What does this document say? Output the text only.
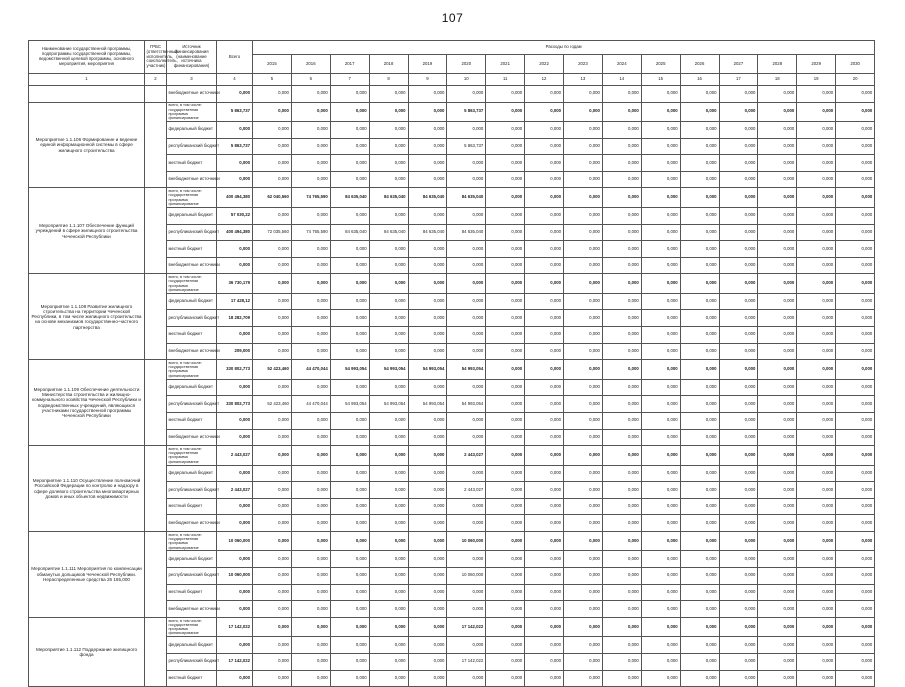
107
Наименование государственной программы, подпрограммы государственной программы, ведомственной целевой программы, основного мероприятия, мероприятия	ГРБС (ответственный исполнитель, соисполнитель, участник)	Источник финансирования (наименование источника финансирования)	Всего	Расходы по годам															
				2015	2016	2017	2018	2019	2020	2021	2022	2023	2024	2025	2026	2027	2028	2029	2030
1	2	3	4	5	6	7	8	9	10	11	12	13	14	15	16	17	18	19	20
		внебюджетные источники	0,000	0,000	0,000	0,000	0,000	0,000	0,000	0,000	0,000	0,000	0,000	0,000	0,000	0,000	0,000	0,000	0,000
Мероприятие 1.1.106 Формирование и ведение единой информационной системы в сфере жилищного строительства		всего, в том числе: государственная программа финансирование	5 863,737	0,000	0,000	0,000	0,000	0,000	5 863,737	0,000	0,000	0,000	0,000	0,000	0,000	0,000	0,000	0,000	0,000
		федеральный бюджет	0,000	0,000	0,000	0,000	0,000	0,000	0,000	0,000	0,000	0,000	0,000	0,000	0,000	0,000	0,000	0,000	0,000
		республиканский бюджет	5 863,737	0,000	0,000	0,000	0,000	0,000	5 863,737	0,000	0,000	0,000	0,000	0,000	0,000	0,000	0,000	0,000	0,000
		местный бюджет	0,000	0,000	0,000	0,000	0,000	0,000	0,000	0,000	0,000	0,000	0,000	0,000	0,000	0,000	0,000	0,000	0,000
		внебюджетные источники	0,000	0,000	0,000	0,000	0,000	0,000	0,000	0,000	0,000	0,000	0,000	0,000	0,000	0,000	0,000	0,000	0,000
Мероприятие 1.1.107 Обеспечение функций учреждений в сфере жилищного строительства Чеченской Республики		всего, в том числе: государственная программа финансирование	400 494,380	62 040,560	74 765,590	84 635,040	84 635,040	84 635,040	84 635,040	0,000	0,000	0,000	0,000	0,000	0,000	0,000	0,000	0,000	0,000
		федеральный бюджет	57 030,22	0,000	0,000	0,000	0,000	0,000	0,000	0,000	0,000	0,000	0,000	0,000	0,000	0,000	0,000	0,000	0,000
		республиканский бюджет	400 494,380	72 035,560	74 765,590	84 635,040	84 635,040	84 635,040	84 635,040	0,000	0,000	0,000	0,000	0,000	0,000	0,000	0,000	0,000	0,000
		местный бюджет	0,000	0,000	0,000	0,000	0,000	0,000	0,000	0,000	0,000	0,000	0,000	0,000	0,000	0,000	0,000	0,000	0,000
		внебюджетные источники	0,000	0,000	0,000	0,000	0,000	0,000	0,000	0,000	0,000	0,000	0,000	0,000	0,000	0,000	0,000	0,000	0,000
Мероприятие 1.1.108 Развитие жилищного строительства на территории Чеченской Республики, в том числе жилищного строительства на основе механизмов государственно-частного партнерства		всего, в том числе: государственная программа финансирование	36 730,179	0,000	0,000	0,000	0,000	0,000	0,000	0,000	0,000	0,000	0,000	0,000	0,000	0,000	0,000	0,000	0,000
		федеральный бюджет	17 428,12	0,000	0,000	0,000	0,000	0,000	0,000	0,000	0,000	0,000	0,000	0,000	0,000	0,000	0,000	0,000	0,000
		республиканский бюджет	18 282,709	0,000	0,000	0,000	0,000	0,000	0,000	0,000	0,000	0,000	0,000	0,000	0,000	0,000	0,000	0,000	0,000
		местный бюджет	0,000	0,000	0,000	0,000	0,000	0,000	0,000	0,000	0,000	0,000	0,000	0,000	0,000	0,000	0,000	0,000	0,000
		внебюджетные источники	209,000	0,000	0,000	0,000	0,000	0,000	0,000	0,000	0,000	0,000	0,000	0,000	0,000	0,000	0,000	0,000	0,000
Мероприятие 1.1.109 Обеспечение деятельности Министерства строительства и жилищно-коммунального хозяйства Чеченской Республики и подведомственных учреждений, являющихся участниками государственной программы Чеченской Республики		всего, в том числе: государственная программа финансирование	330 802,773	52 423,460	44 470,044	54 993,054	54 993,054	54 993,054	54 993,054	0,000	0,000	0,000	0,000	0,000	0,000	0,000	0,000	0,000	0,000
		федеральный бюджет	0,000	0,000	0,000	0,000	0,000	0,000	0,000	0,000	0,000	0,000	0,000	0,000	0,000	0,000	0,000	0,000	0,000
		республиканский бюджет	330 802,773	52 423,460	44 470,044	54 993,054	54 993,054	54 993,054	54 993,054	0,000	0,000	0,000	0,000	0,000	0,000	0,000	0,000	0,000	0,000
		местный бюджет	0,000	0,000	0,000	0,000	0,000	0,000	0,000	0,000	0,000	0,000	0,000	0,000	0,000	0,000	0,000	0,000	0,000
		внебюджетные источники	0,000	0,000	0,000	0,000	0,000	0,000	0,000	0,000	0,000	0,000	0,000	0,000	0,000	0,000	0,000	0,000	0,000
Мероприятие 1.1.110 Осуществление полномочий Российской Федерации по контролю и надзору в сфере долевого строительства многоквартирных домов и иных объектов недвижимости		всего, в том числе: государственная программа финансирование	2 443,027	0,000	0,000	0,000	0,000	0,000	2 443,027	0,000	0,000	0,000	0,000	0,000	0,000	0,000	0,000	0,000	0,000
		федеральный бюджет	0,000	0,000	0,000	0,000	0,000	0,000	0,000	0,000	0,000	0,000	0,000	0,000	0,000	0,000	0,000	0,000	0,000
		республиканский бюджет	2 443,027	0,000	0,000	0,000	0,000	0,000	2 443,027	0,000	0,000	0,000	0,000	0,000	0,000	0,000	0,000	0,000	0,000
		местный бюджет	0,000	0,000	0,000	0,000	0,000	0,000	0,000	0,000	0,000	0,000	0,000	0,000	0,000	0,000	0,000	0,000	0,000
		внебюджетные источники	0,000	0,000	0,000	0,000	0,000	0,000	0,000	0,000	0,000	0,000	0,000	0,000	0,000	0,000	0,000	0,000	0,000
Мероприятие 1.1.111 Мероприятия по компенсации обманутых дольщиков Чеченской Республики. Нераспределенные средства 26 165,000		всего, в том числе: государственная программа финансирование	10 060,000	0,000	0,000	0,000	0,000	0,000	10 060,000	0,000	0,000	0,000	0,000	0,000	0,000	0,000	0,000	0,000	0,000
		федеральный бюджет	0,000	0,000	0,000	0,000	0,000	0,000	0,000	0,000	0,000	0,000	0,000	0,000	0,000	0,000	0,000	0,000	0,000
		республиканский бюджет	10 060,000	0,000	0,000	0,000	0,000	0,000	10 060,000	0,000	0,000	0,000	0,000	0,000	0,000	0,000	0,000	0,000	0,000
		местный бюджет	0,000	0,000	0,000	0,000	0,000	0,000	0,000	0,000	0,000	0,000	0,000	0,000	0,000	0,000	0,000	0,000	0,000
		внебюджетные источники	0,000	0,000	0,000	0,000	0,000	0,000	0,000	0,000	0,000	0,000	0,000	0,000	0,000	0,000	0,000	0,000	0,000
Мероприятие 1.1.112 Поддержание жилищного фонда		всего, в том числе: государственная программа финансирование	17 142,022	0,000	0,000	0,000	0,000	0,000	17 142,022	0,000	0,000	0,000	0,000	0,000	0,000	0,000	0,000	0,000	0,000
		федеральный бюджет	0,000	0,000	0,000	0,000	0,000	0,000	0,000	0,000	0,000	0,000	0,000	0,000	0,000	0,000	0,000	0,000	0,000
		республиканский бюджет	17 142,022	0,000	0,000	0,000	0,000	0,000	17 142,022	0,000	0,000	0,000	0,000	0,000	0,000	0,000	0,000	0,000	0,000
		местный бюджет	0,000	0,000	0,000	0,000	0,000	0,000	0,000	0,000	0,000	0,000	0,000	0,000	0,000	0,000	0,000	0,000	0,000
